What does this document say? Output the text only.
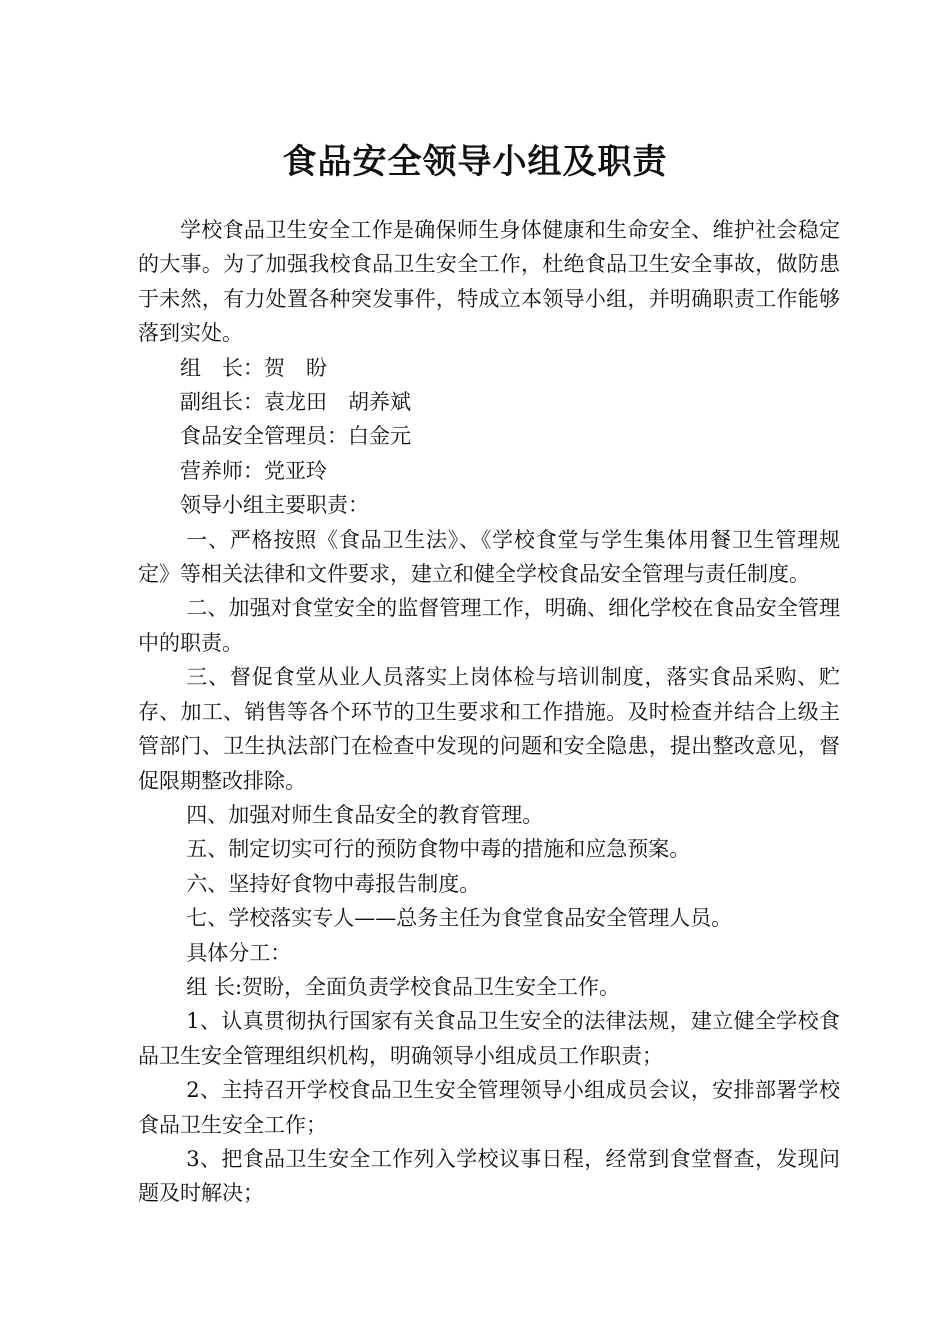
食品安全领导小组及职责

学校食品卫生安全工作是确保师生身体健康和生命安全、维护社会稳定的大事。为了加强我校食品卫生安全工作，杜绝食品卫生安全事故，做防患于未然，有力处置各种突发事件，特成立本领导小组，并明确职责工作能够落到实处。

组　长：贺　盼

副组长：袁龙田　胡养斌

食品安全管理员：白金元

营养师：党亚玲

领导小组主要职责：

一、严格按照《食品卫生法》、《学校食堂与学生集体用餐卫生管理规定》等相关法律和文件要求，建立和健全学校食品安全管理与责任制度。

二、加强对食堂安全的监督管理工作，明确、细化学校在食品安全管理中的职责。

三、督促食堂从业人员落实上岗体检与培训制度，落实食品采购、贮存、加工、销售等各个环节的卫生要求和工作措施。及时检查并结合上级主管部门、卫生执法部门在检查中发现的问题和安全隐患，提出整改意见，督促限期整改排除。

四、加强对师生食品安全的教育管理。

五、制定切实可行的预防食物中毒的措施和应急预案。

六、坚持好食物中毒报告制度。

七、学校落实专人——总务主任为食堂食品安全管理人员。

具体分工：

组 长:贺盼，全面负责学校食品卫生安全工作。

1、认真贯彻执行国家有关食品卫生安全的法律法规，建立健全学校食品卫生安全管理组织机构，明确领导小组成员工作职责；

2、主持召开学校食品卫生安全管理领导小组成员会议，安排部署学校食品卫生安全工作；

3、把食品卫生安全工作列入学校议事日程，经常到食堂督查，发现问题及时解决；
